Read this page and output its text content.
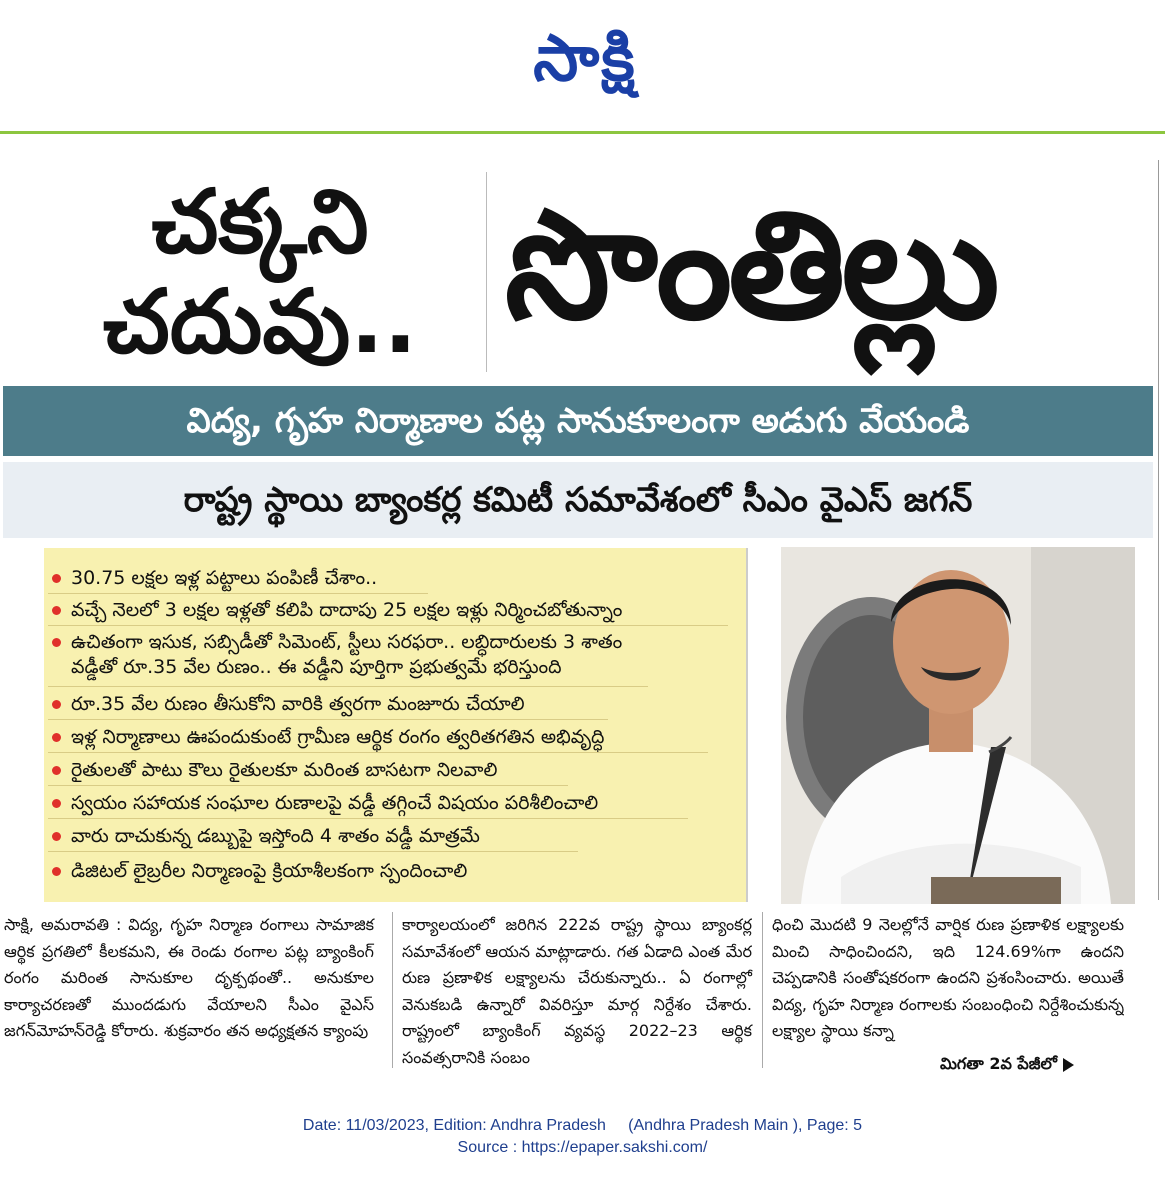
సాక్షి
చక్కని
చదువు.. సొంతిల్లు
విద్య, గృహ నిర్మాణాల పట్ల సానుకూలంగా అడుగు వేయండి
రాష్ట్ర స్థాయి బ్యాంకర్ల కమిటీ సమావేశంలో సీఎం వైఎస్ జగన్
30.75 లక్షల ఇళ్ల పట్టాలు పంపిణీ చేశాం..
వచ్చే నెలలో 3 లక్షల ఇళ్లతో కలిపి దాదాపు 25 లక్షల ఇళ్లు నిర్మించబోతున్నాం
ఉచితంగా ఇసుక, సబ్సిడీతో సిమెంట్, స్టీలు సరఫరా.. లబ్ధిదారులకు 3 శాతం
వడ్డీతో రూ.35 వేల రుణం.. ఈ వడ్డీని పూర్తిగా ప్రభుత్వమే భరిస్తుంది
రూ.35 వేల రుణం తీసుకోని వారికి త్వరగా మంజూరు చేయాలి
ఇళ్ల నిర్మాణాలు ఊపందుకుంటే గ్రామీణ ఆర్థిక రంగం త్వరితగతిన అభివృద్ధి
రైతులతో పాటు కౌలు రైతులకూ మరింత బాసటగా నిలవాలి
స్వయం సహాయక సంఘాల రుణాలపై వడ్డీ తగ్గించే విషయం పరిశీలించాలి
వారు దాచుకున్న డబ్బుపై ఇస్తోంది 4 శాతం వడ్డీ మాత్రమే
డిజిటల్ లైబ్రరీల నిర్మాణంపై క్రియాశీలకంగా స్పందించాలి
సాక్షి, అమరావతి : విద్య, గృహ నిర్మాణ రంగాలు సామాజిక ఆర్థిక ప్రగతిలో కీలకమని, ఈ రెండు రంగాల పట్ల బ్యాంకింగ్ రంగం మరింత సానుకూల దృక్పథంతో.. అనుకూల కార్యాచరణతో ముందడుగు వేయాలని సీఎం వైఎస్ జగన్‌మోహన్‌రెడ్డి కోరారు. శుక్రవారం తన అధ్యక్షతన క్యాంపు
కార్యాలయంలో జరిగిన 222వ రాష్ట్ర స్థాయి బ్యాంకర్ల సమావేశంలో ఆయన మాట్లాడారు. గత ఏడాది ఎంత మేర రుణ ప్రణాళిక లక్ష్యాలను చేరుకున్నారు.. ఏ రంగాల్లో వెనుకబడి ఉన్నారో వివరిస్తూ మార్గ నిర్దేశం చేశారు. రాష్ట్రంలో బ్యాంకింగ్ వ్యవస్థ 2022–23 ఆర్థిక సంవత్సరానికి సంబం
ధించి మొదటి 9 నెలల్లోనే వార్షిక రుణ ప్రణాళిక లక్ష్యాలకు మించి సాధించిందని, ఇది 124.69%గా ఉందని చెప్పడానికి సంతోషకరంగా ఉందని ప్రశంసించారు. అయితే విద్య, గృహ నిర్మాణ రంగాలకు సంబంధించి నిర్దేశించుకున్న లక్ష్యాల స్థాయి కన్నా
మిగతా 2వ పేజీలో
Date: 11/03/2023, Edition: Andhra Pradesh     (Andhra Pradesh Main ), Page: 5
Source : https://epaper.sakshi.com/
